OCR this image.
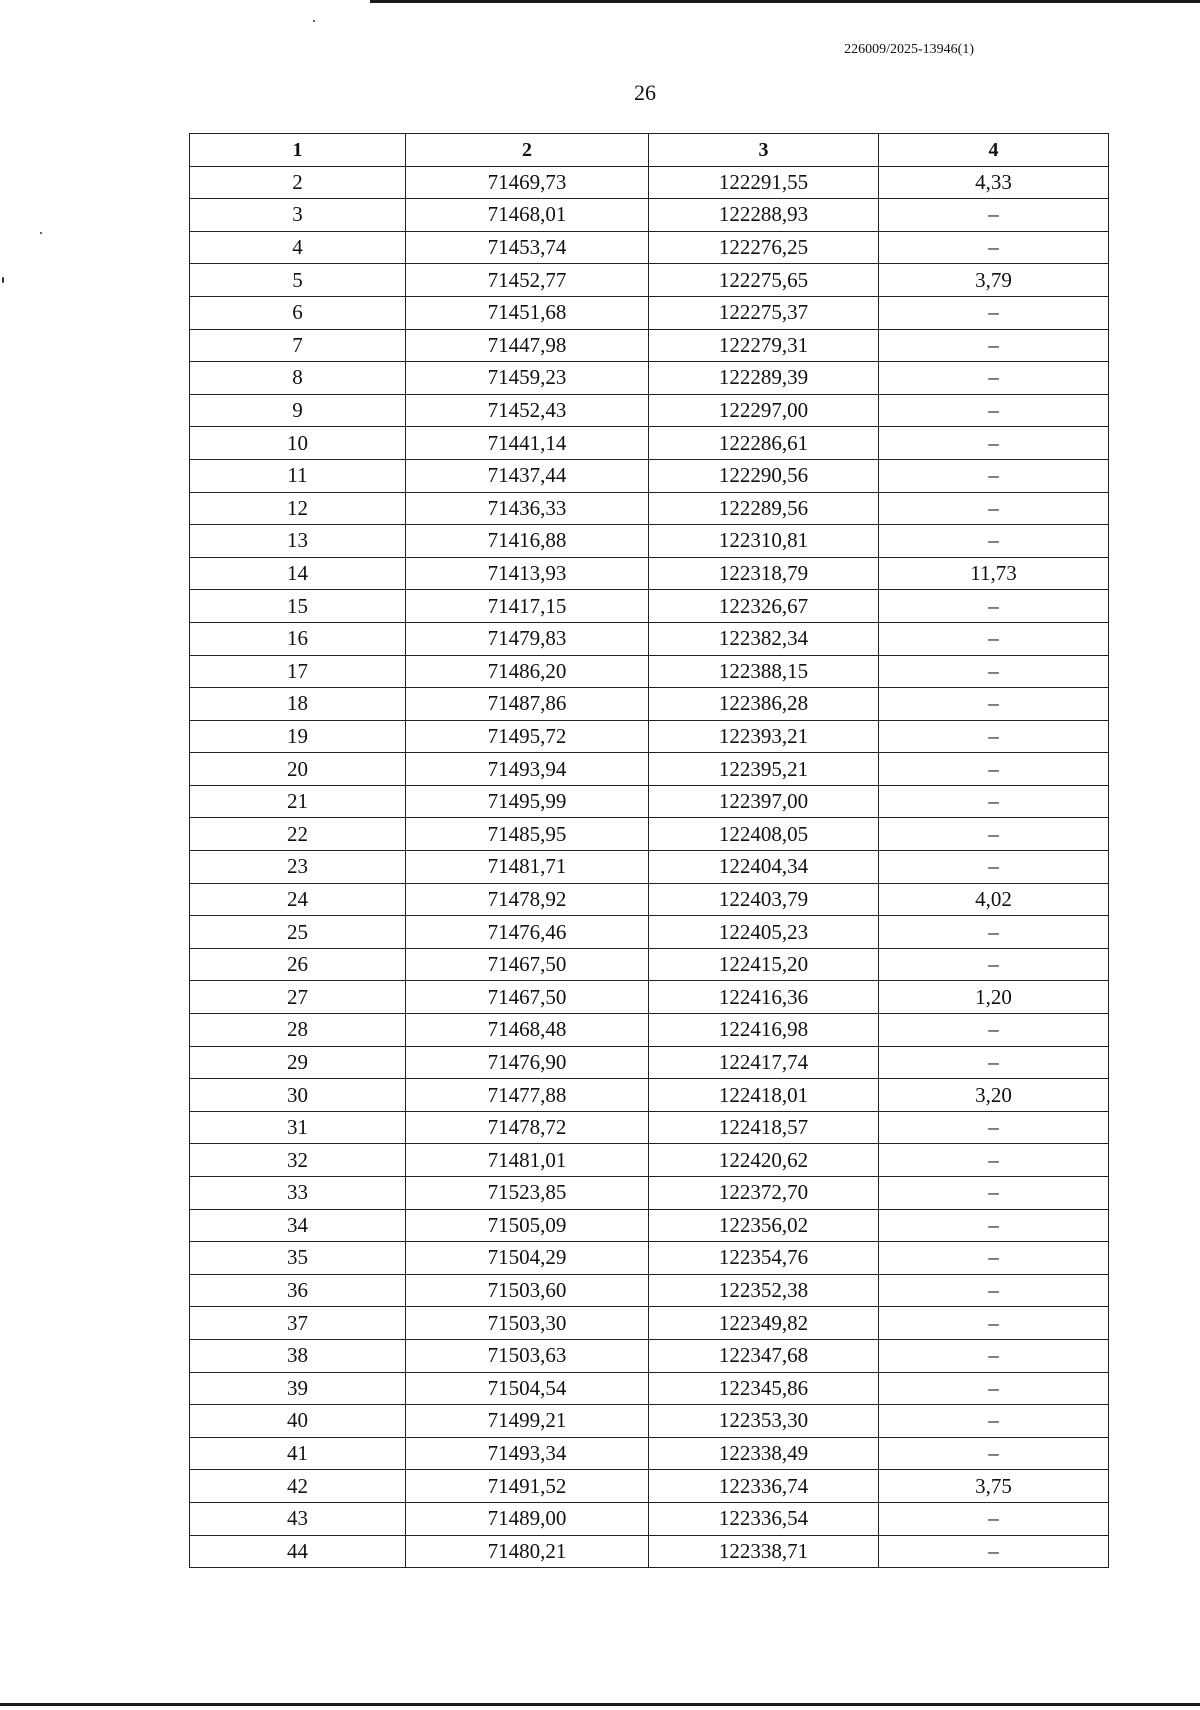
226009/2025-13946(1)
26
1	2	3	4
2	71469,73	122291,55	4,33
3	71468,01	122288,93	–
4	71453,74	122276,25	–
5	71452,77	122275,65	3,79
6	71451,68	122275,37	–
7	71447,98	122279,31	–
8	71459,23	122289,39	–
9	71452,43	122297,00	–
10	71441,14	122286,61	–
11	71437,44	122290,56	–
12	71436,33	122289,56	–
13	71416,88	122310,81	–
14	71413,93	122318,79	11,73
15	71417,15	122326,67	–
16	71479,83	122382,34	–
17	71486,20	122388,15	–
18	71487,86	122386,28	–
19	71495,72	122393,21	–
20	71493,94	122395,21	–
21	71495,99	122397,00	–
22	71485,95	122408,05	–
23	71481,71	122404,34	–
24	71478,92	122403,79	4,02
25	71476,46	122405,23	–
26	71467,50	122415,20	–
27	71467,50	122416,36	1,20
28	71468,48	122416,98	–
29	71476,90	122417,74	–
30	71477,88	122418,01	3,20
31	71478,72	122418,57	–
32	71481,01	122420,62	–
33	71523,85	122372,70	–
34	71505,09	122356,02	–
35	71504,29	122354,76	–
36	71503,60	122352,38	–
37	71503,30	122349,82	–
38	71503,63	122347,68	–
39	71504,54	122345,86	–
40	71499,21	122353,30	–
41	71493,34	122338,49	–
42	71491,52	122336,74	3,75
43	71489,00	122336,54	–
44	71480,21	122338,71	–
